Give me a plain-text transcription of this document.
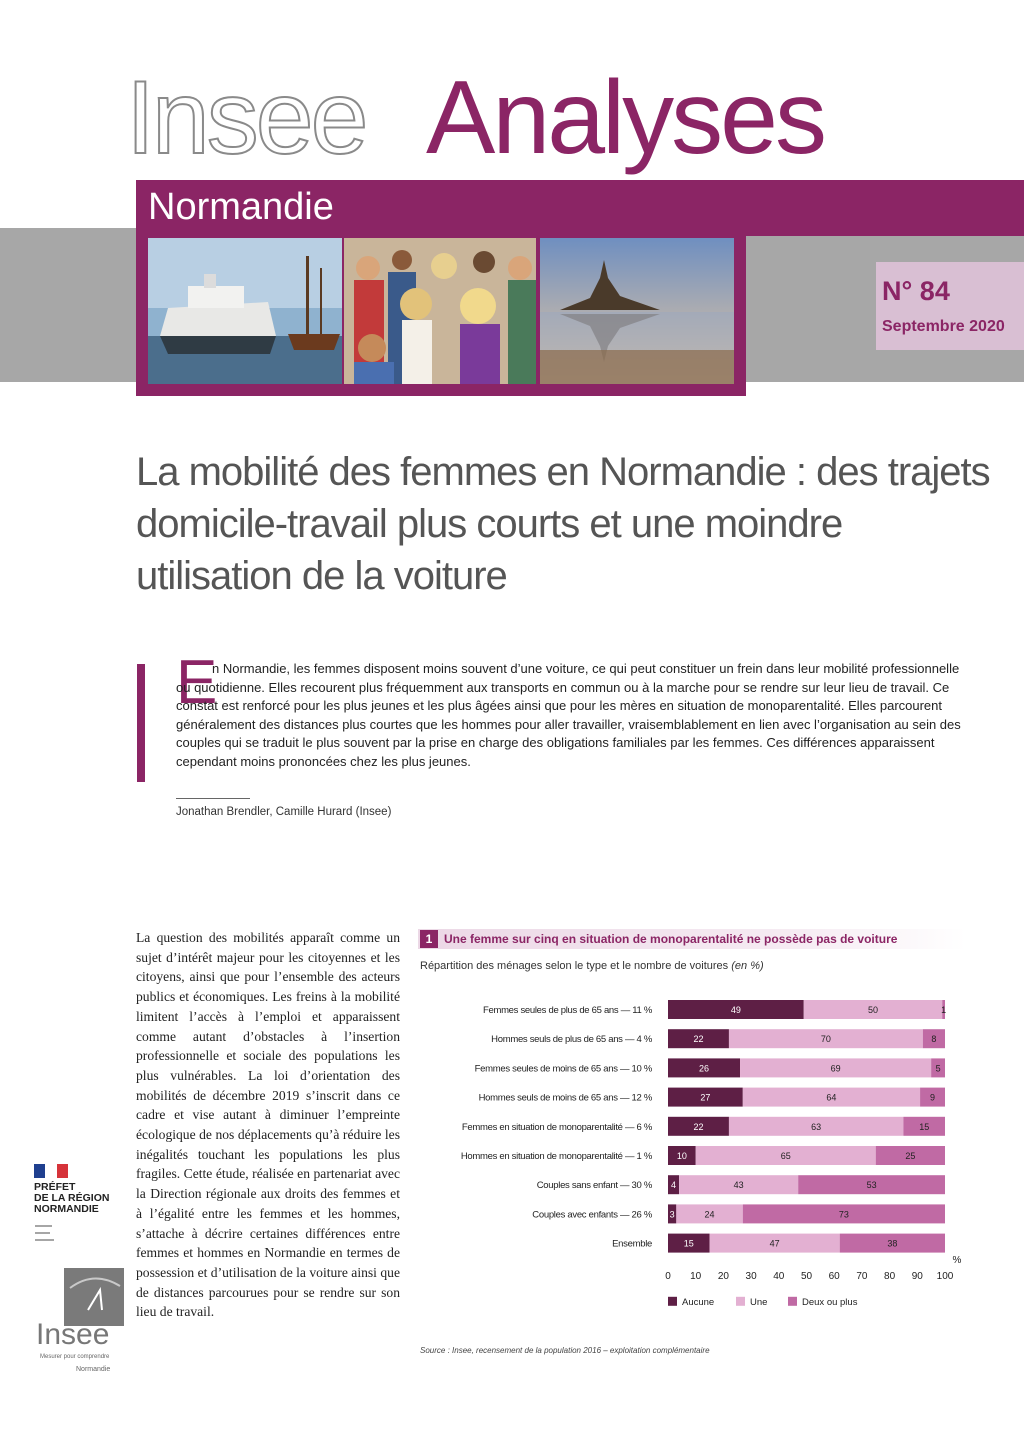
Insee Analyses
Normandie
N° 84
Septembre 2020
La mobilité des femmes en Normandie : des trajets domicile-travail plus courts et une moindre utilisation de la voiture
E
n Normandie, les femmes disposent moins souvent d’une voiture, ce qui peut constituer un frein dans leur mobilité professionnelle ou quotidienne. Elles recourent plus fréquemment aux transports en commun ou à la marche pour se rendre sur leur lieu de travail. Ce constat est renforcé pour les plus jeunes et les plus âgées ainsi que pour les mères en situation de monoparentalité. Elles parcourent généralement des distances plus courtes que les hommes pour aller travailler, vraisemblablement en lien avec l’organisation au sein des couples qui se traduit le plus souvent par la prise en charge des obligations familiales par les femmes. Ces différences apparaissent cependant moins prononcées chez les plus jeunes.
Jonathan Brendler, Camille Hurard (Insee)
La question des mobilités apparaît comme un sujet d’intérêt majeur pour les citoyennes et les citoyens, ainsi que pour l’ensemble des acteurs publics et économiques. Les freins à la mobilité limitent l’accès à l’emploi et apparaissent comme autant d’obstacles à l’insertion professionnelle et sociale des populations les plus vulnérables. La loi d’orientation des mobilités de décembre 2019 s’inscrit dans ce cadre et vise autant à diminuer l’empreinte écologique de nos déplacements qu’à réduire les inégalités touchant les populations les plus fragiles. Cette étude, réalisée en partenariat avec la Direction régionale aux droits des femmes et à l’égalité entre les femmes et les hommes, s’attache à décrire certaines différences entre femmes et hommes en Normandie en termes de possession et d’utilisation de la voiture ainsi que de distances parcourues pour se rendre sur son lieu de travail.
PRÉFET
DE LA RÉGION
NORMANDIE
Insee
Mesurer pour comprendre
Normandie
1 Une femme sur cinq en situation de monoparentalité ne possède pas de voiture
Répartition des ménages selon le type et le nombre de voitures (en %)
Femmes seules de plus de 65 ans — 11 %	49	50	1
Hommes seuls de plus de 65 ans — 4 %	22	70	8
Femmes seules de moins de 65 ans — 10 %	26	69	5
Hommes seuls de moins de 65 ans — 12 %	27	64	9
Femmes en situation de monoparentalité — 6 %	22	63	15
Hommes en situation de monoparentalité — 1 %	10	65	25
Couples sans enfant — 30 % 4	43	53
Couples avec enfants — 26 % 3	24	73
Ensemble	15	47	38
0 10 20 30 40 50 60 70 80 90 100
%
Aucune	Une	Deux ou plus
Source : Insee, recensement de la population 2016 – exploitation complémentaire
